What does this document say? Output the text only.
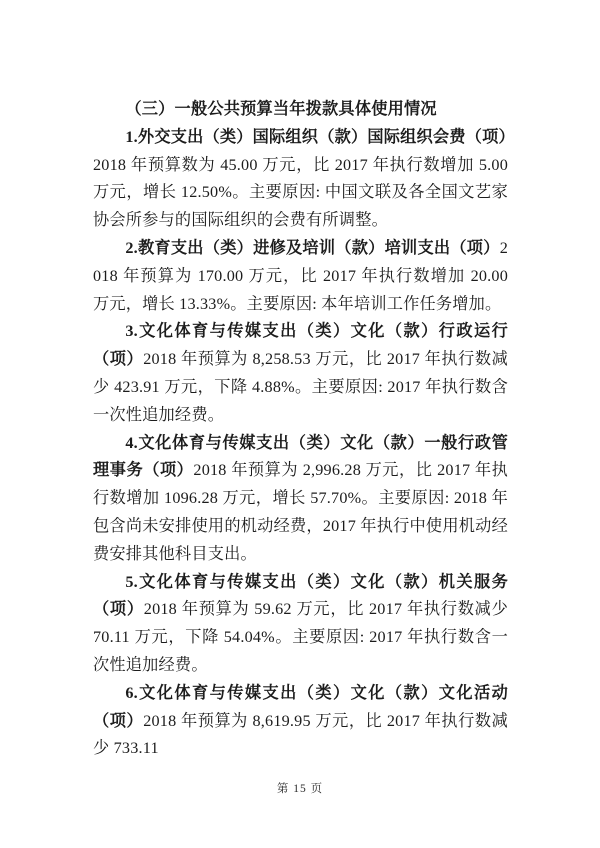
（三）一般公共预算当年拨款具体使用情况

1.外交支出（类）国际组织（款）国际组织会费（项）2018 年预算数为 45.00 万元，比 2017 年执行数增加 5.00 万元，增长 12.50%。主要原因: 中国文联及各全国文艺家协会所参与的国际组织的会费有所调整。

2.教育支出（类）进修及培训（款）培训支出（项）2018 年预算为 170.00 万元，比 2017 年执行数增加 20.00 万元，增长 13.33%。主要原因: 本年培训工作任务增加。

3.文化体育与传媒支出（类）文化（款）行政运行（项）2018 年预算为 8,258.53 万元，比 2017 年执行数减少 423.91 万元，下降 4.88%。主要原因: 2017 年执行数含一次性追加经费。

4.文化体育与传媒支出（类）文化（款）一般行政管理事务（项）2018 年预算为 2,996.28 万元，比 2017 年执行数增加 1096.28 万元，增长 57.70%。主要原因: 2018 年包含尚未安排使用的机动经费，2017 年执行中使用机动经费安排其他科目支出。

5.文化体育与传媒支出（类）文化（款）机关服务（项）2018 年预算为 59.62 万元，比 2017 年执行数减少 70.11 万元，下降 54.04%。主要原因: 2017 年执行数含一次性追加经费。

6.文化体育与传媒支出（类）文化（款）文化活动（项）2018 年预算为 8,619.95 万元，比 2017 年执行数减少 733.11

第 15 页
